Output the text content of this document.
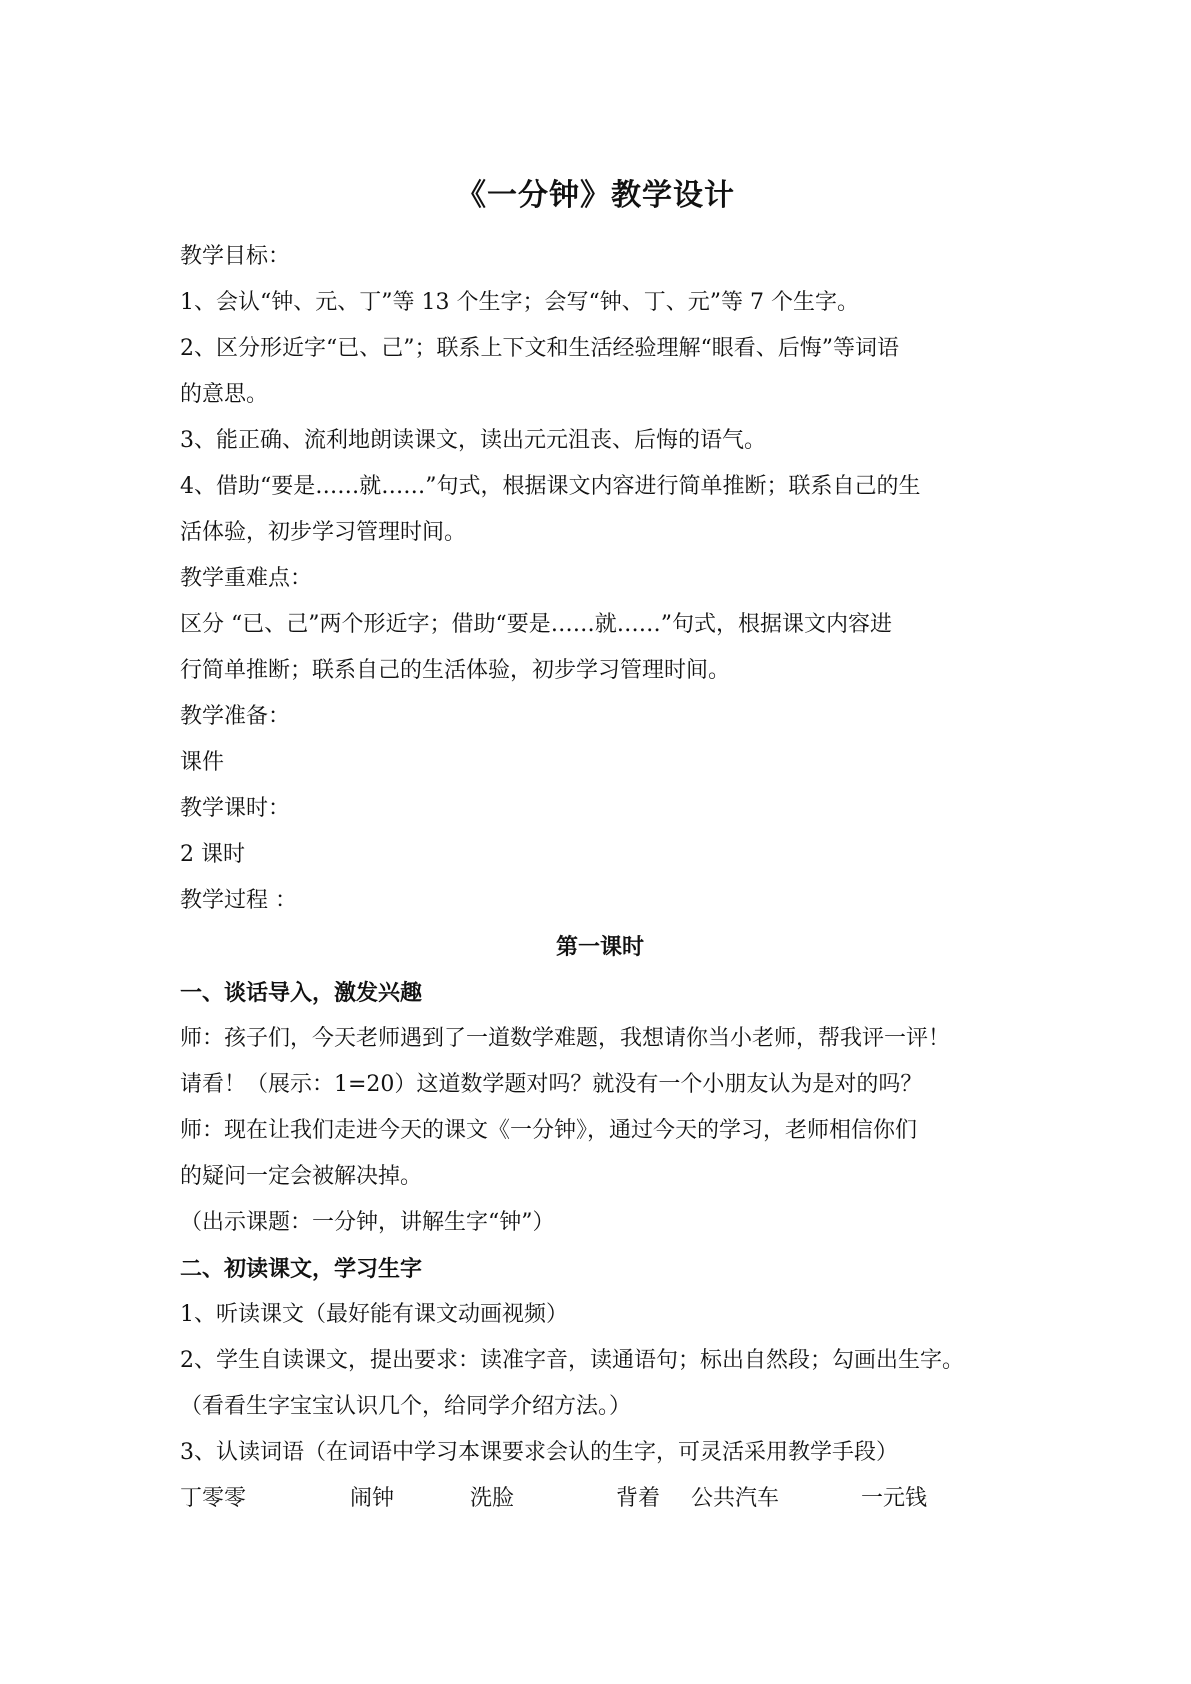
《一分钟》教学设计

教学目标：

1、会认“钟、元、丁”等 13 个生字；会写“钟、丁、元”等 7 个生字。

2、区分形近字“已、己”；联系上下文和生活经验理解“眼看、后悔”等词语

的意思。

3、能正确、流利地朗读课文，读出元元沮丧、后悔的语气。

4、借助“要是……就……”句式，根据课文内容进行简单推断；联系自己的生

活体验，初步学习管理时间。

教学重难点：

区分 “已、己”两个形近字；借助“要是……就……”句式，根据课文内容进

行简单推断；联系自己的生活体验，初步学习管理时间。

教学准备：

课件

教学课时：

2 课时

教学过程 ：

第一课时

一、谈话导入，激发兴趣

师：孩子们，今天老师遇到了一道数学难题，我想请你当小老师，帮我评一评！

请看！（展示：1=20）这道数学题对吗？就没有一个小朋友认为是对的吗？

师：现在让我们走进今天的课文《一分钟》，通过今天的学习，老师相信你们

的疑问一定会被解决掉。

（出示课题：一分钟，讲解生字“钟”）

二、初读课文，学习生字

1、听读课文（最好能有课文动画视频）

2、学生自读课文，提出要求：读准字音，读通语句；标出自然段；勾画出生字。

（看看生字宝宝认识几个，给同学介绍方法。）

3、认读词语（在词语中学习本课要求会认的生字，可灵活采用教学手段）

丁零零	闹钟	洗脸	背着	公共汽车	一元钱
